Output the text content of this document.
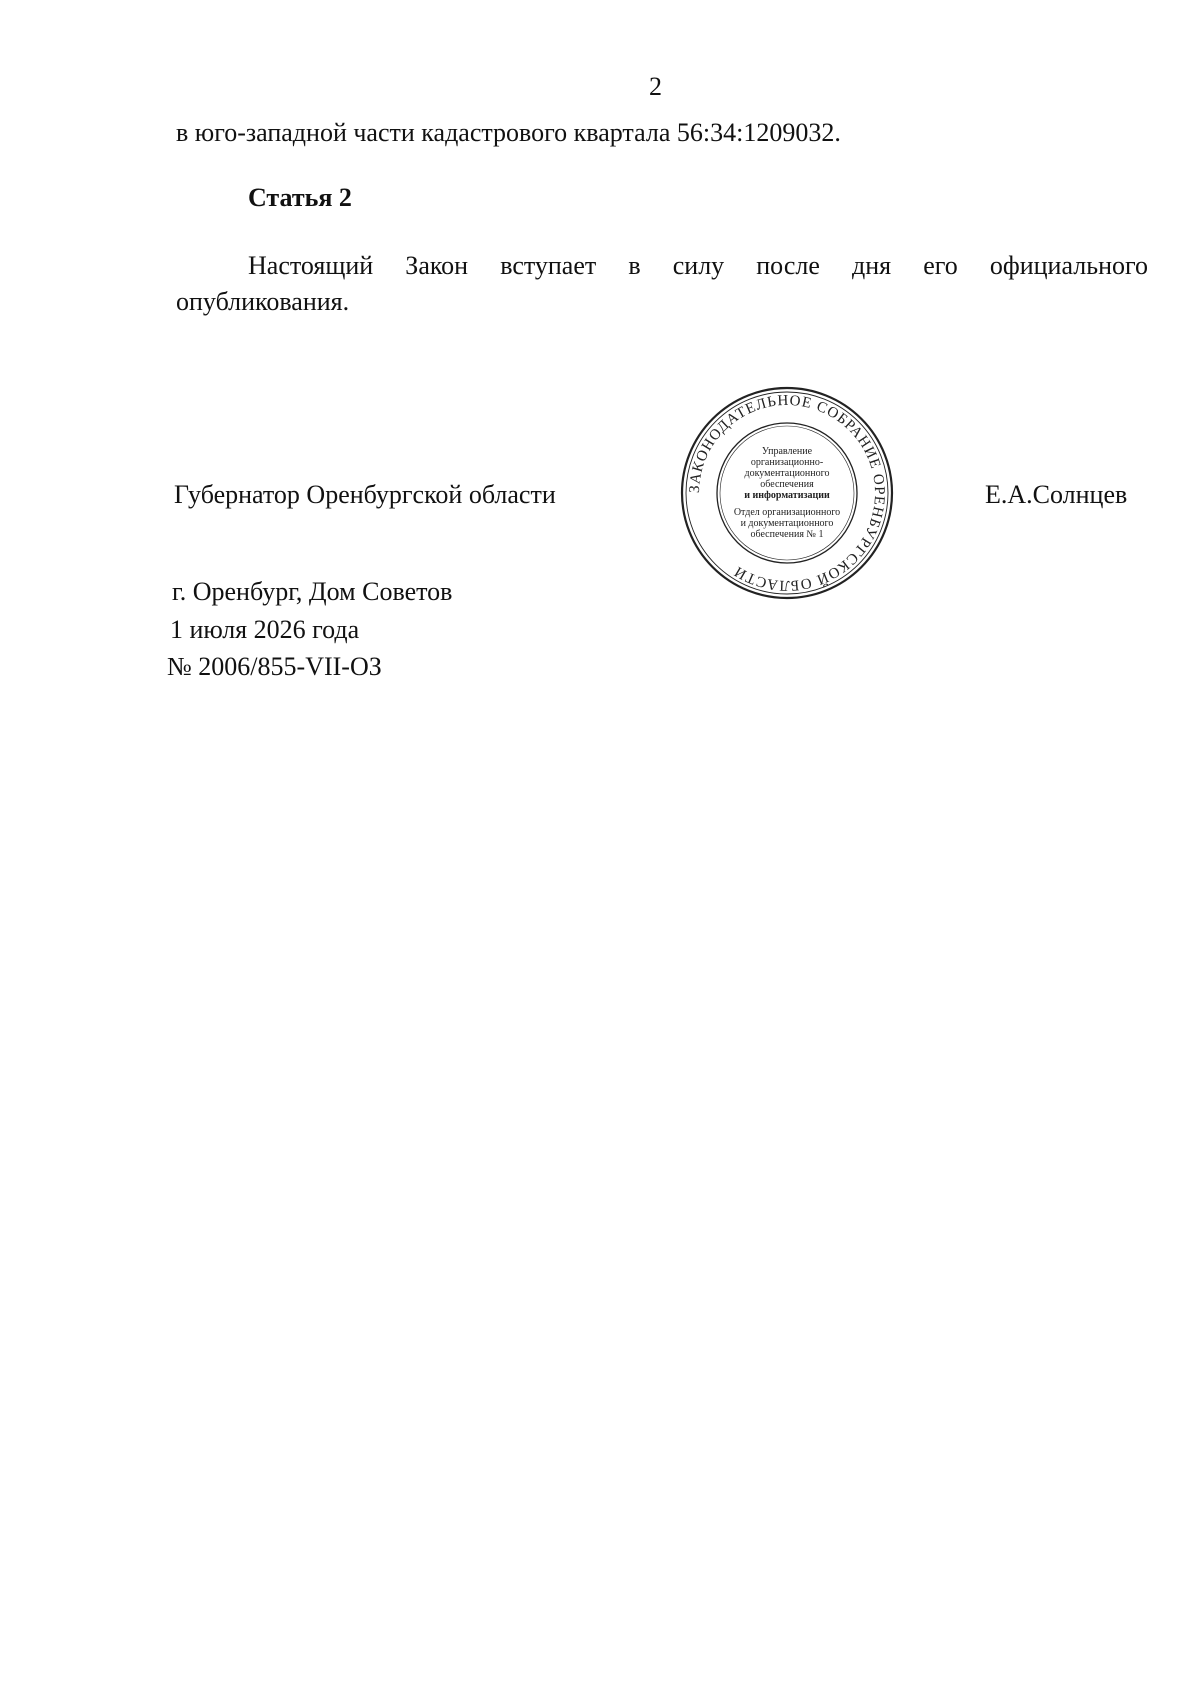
2
в юго-западной части кадастрового квартала 56:34:1209032.
Статья 2
Настоящий Закон вступает в силу после дня его официального
опубликования.
Губернатор Оренбургской области	Е.А.Солнцев
ЗАКОНОДАТЕЛЬНОЕ СОБРАНИЕ ОРЕНБУРГСКОЙ ОБЛАСТИ
Управление
организационно-
документационного
обеспечения
и информатизации
Отдел организационного
и документационного
обеспечения № 1
г. Оренбург, Дом Советов
1 июля 2026 года
№ 2006/855-VII-ОЗ
